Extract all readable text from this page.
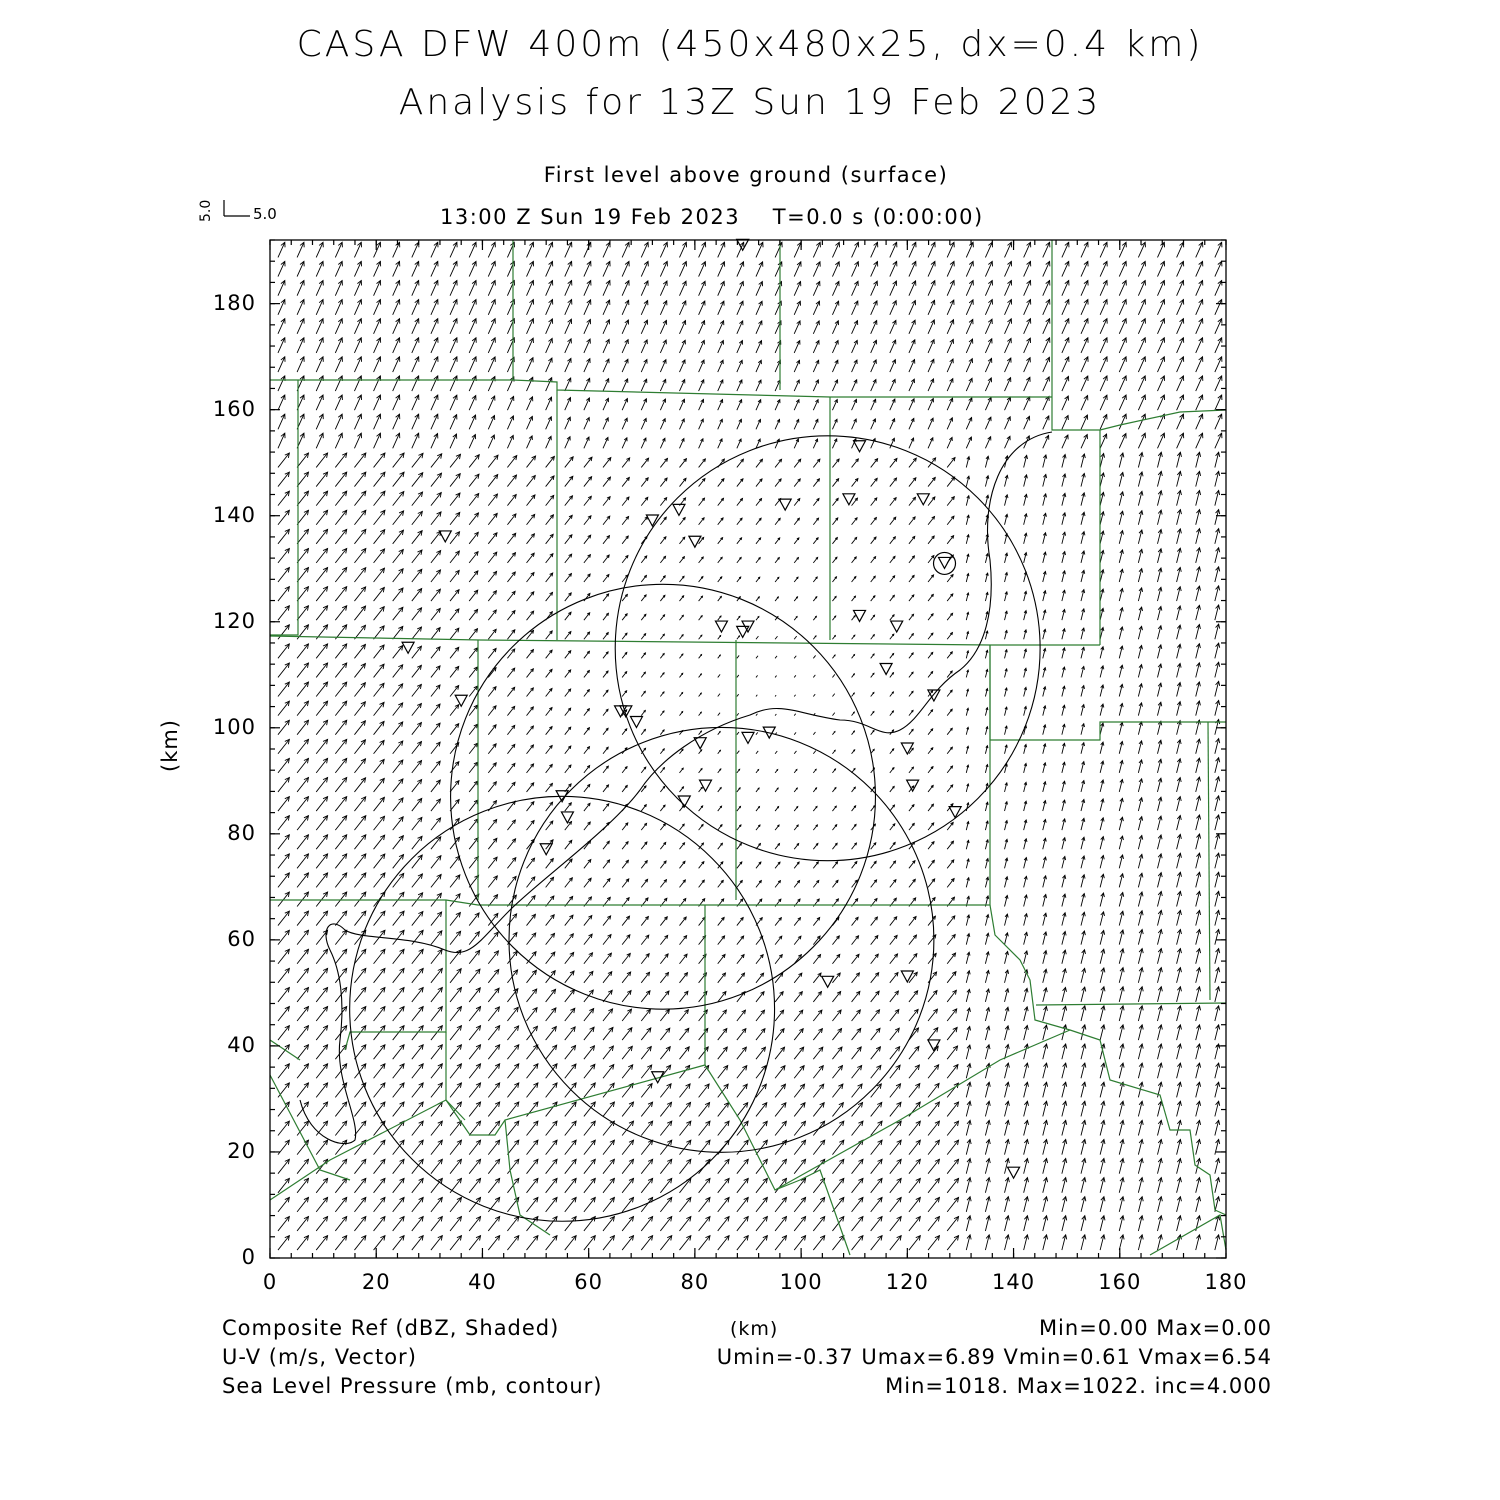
CASA DFW 400m (450x480x25, dx=0.4 km)
Analysis for 13Z Sun 19 Feb 2023
First level above ground (surface)
13:00 Z Sun 19 Feb 2023    T=0.0 s (0:00:00)
5.0	5.0
(km)
0	20	40	60	80	100	120	140	160	180
0
20
40
60
80
100
120
140
160
180
(km)
Composite Ref (dBZ, Shaded)
U-V (m/s, Vector)
Sea Level Pressure (mb, contour)
Min=0.00 Max=0.00
Umin=-0.37 Umax=6.89 Vmin=0.61 Vmax=6.54
Min=1018. Max=1022. inc=4.000
